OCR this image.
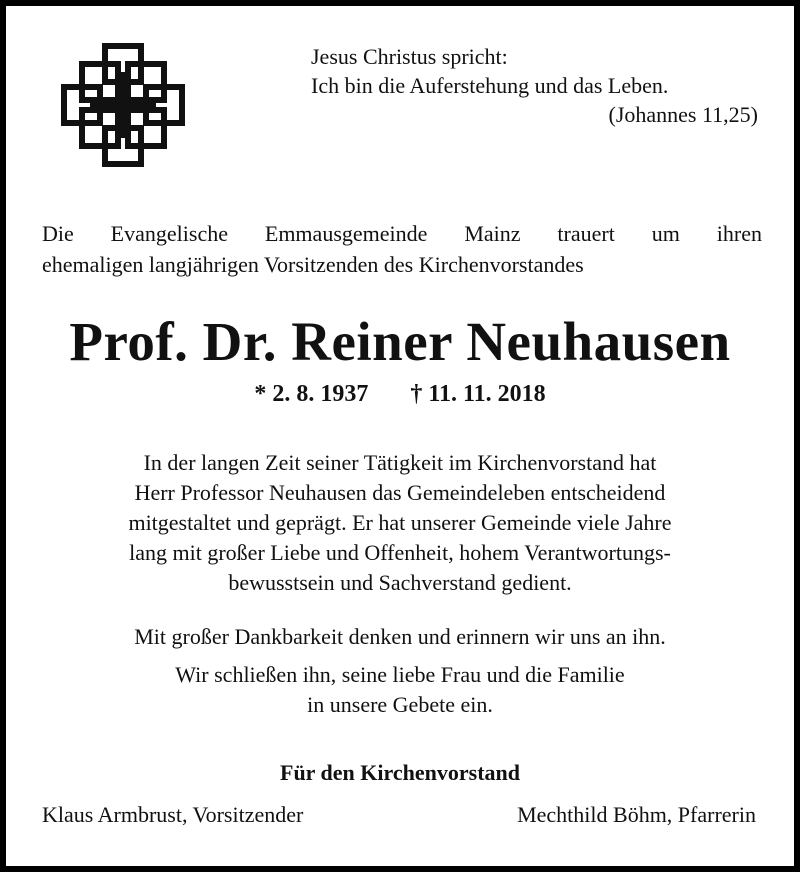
Jesus Christus spricht:
Ich bin die Auferstehung und das Leben.
(Johannes 11,25)
Die Evangelische Emmausgemeinde Mainz trauert um ihren
ehemaligen langjährigen Vorsitzenden des Kirchenvorstandes
Prof. Dr. Reiner Neuhausen
* 2. 8. 1937 † 11. 11. 2018
In der langen Zeit seiner Tätigkeit im Kirchenvorstand hat
Herr Professor Neuhausen das Gemeindeleben entscheidend
mitgestaltet und geprägt. Er hat unserer Gemeinde viele Jahre
lang mit großer Liebe und Offenheit, hohem Verantwortungs-
bewusstsein und Sachverstand gedient.
Mit großer Dankbarkeit denken und erinnern wir uns an ihn.
Wir schließen ihn, seine liebe Frau und die Familie
in unsere Gebete ein.
Für den Kirchenvorstand
Klaus Armbrust, Vorsitzender	Mechthild Böhm, Pfarrerin
